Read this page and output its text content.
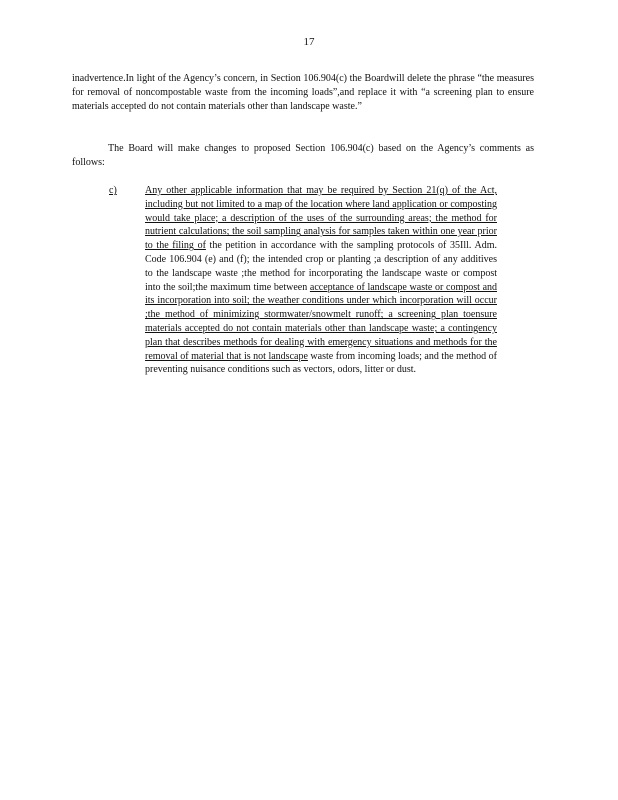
17

inadvertence.In light of the Agency’s concern, in Section 106.904(c) the Boardwill delete the phrase “the measures for removal of noncompostable waste from the incoming loads”,and replace it with “a screening plan to ensure materials accepted do not contain materials other than landscape waste.”

The Board will make changes to proposed Section 106.904(c) based on the Agency’s comments as follows:

c)	Any other applicable information that may be required by Section 21(q) of the Act, including but not limited to a map of the location where land application or composting would take place; a description of the uses of the surrounding areas; the method for nutrient calculations; the soil sampling analysis for samples taken within one year prior to the filing of the petition in accordance with the sampling protocols of 35Ill. Adm. Code 106.904 (e) and (f); the intended crop or planting ;a description of any additives to the landscape waste ;the method for incorporating the landscape waste or compost into the soil;the maximum time between acceptance of landscape waste or compost and its incorporation into soil; the weather conditions under which incorporation will occur ;the method of minimizing stormwater/snowmelt runoff; a screening plan toensure materials accepted do not contain materials other than landscape waste; a contingency plan that describes methods for dealing with emergency situations and methods for the removal of material that is not landscape waste from incoming loads; and the method of preventing nuisance conditions such as vectors, odors, litter or dust.
